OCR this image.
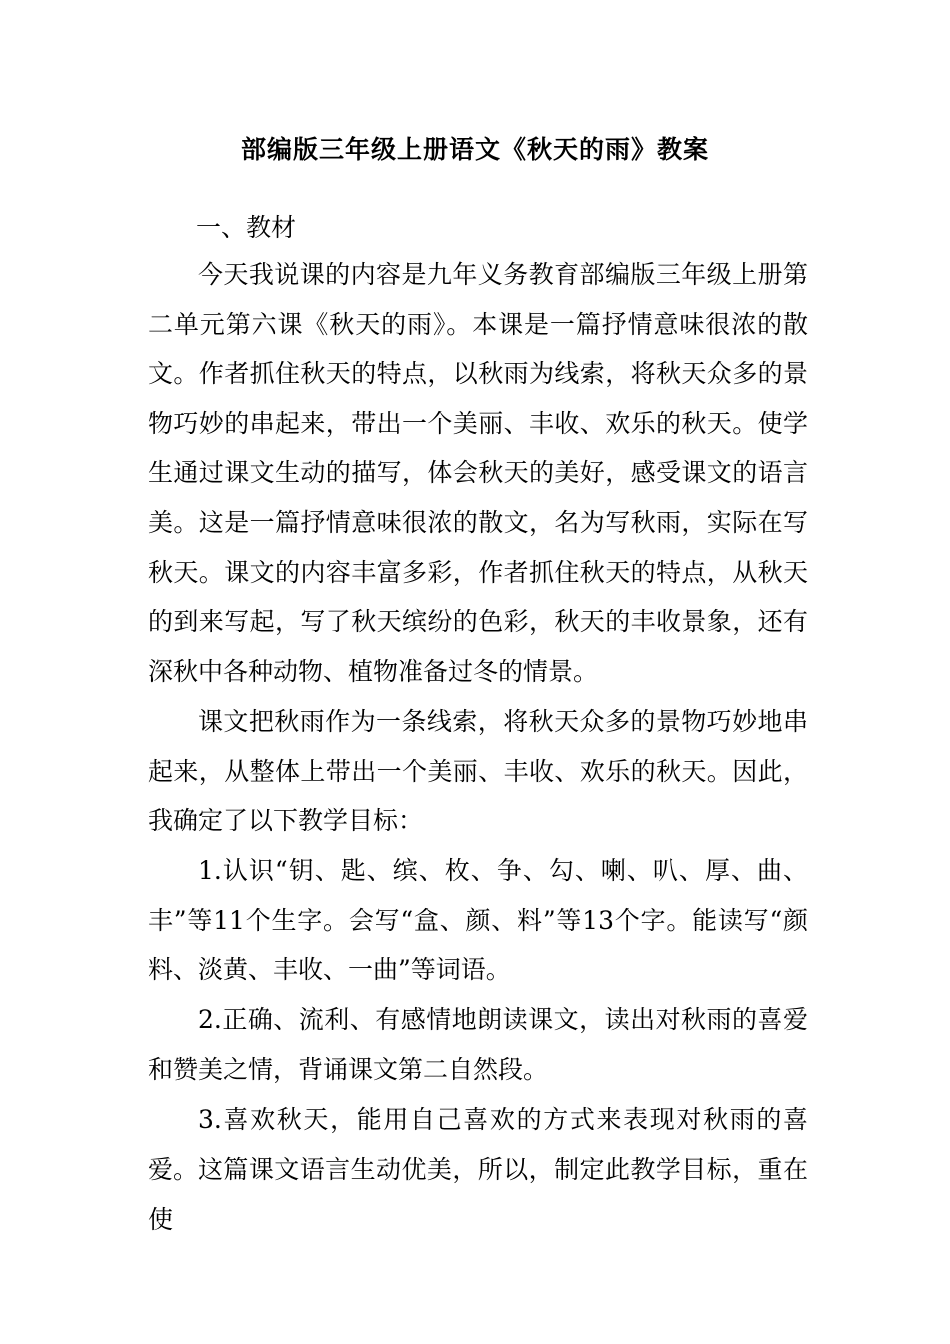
部编版三年级上册语文《秋天的雨》教案
一、教材

今天我说课的内容是九年义务教育部编版三年级上册第二单元第六课《秋天的雨》。本课是一篇抒情意味很浓的散文。作者抓住秋天的特点，以秋雨为线索，将秋天众多的景物巧妙的串起来，带出一个美丽、丰收、欢乐的秋天。使学生通过课文生动的描写，体会秋天的美好，感受课文的语言美。这是一篇抒情意味很浓的散文，名为写秋雨，实际在写秋天。课文的内容丰富多彩，作者抓住秋天的特点，从秋天的到来写起，写了秋天缤纷的色彩，秋天的丰收景象，还有深秋中各种动物、植物准备过冬的情景。

课文把秋雨作为一条线索，将秋天众多的景物巧妙地串起来，从整体上带出一个美丽、丰收、欢乐的秋天。因此，我确定了以下教学目标：

1.认识“钥、匙、缤、枚、争、勾、喇、叭、厚、曲、丰”等11个生字。会写“盒、颜、料”等13个字。能读写“颜料、淡黄、丰收、一曲”等词语。

2.正确、流利、有感情地朗读课文，读出对秋雨的喜爱和赞美之情，背诵课文第二自然段。

3.喜欢秋天，能用自己喜欢的方式来表现对秋雨的喜爱。 这篇课文语言生动优美，所以，制定此教学目标，重在使
